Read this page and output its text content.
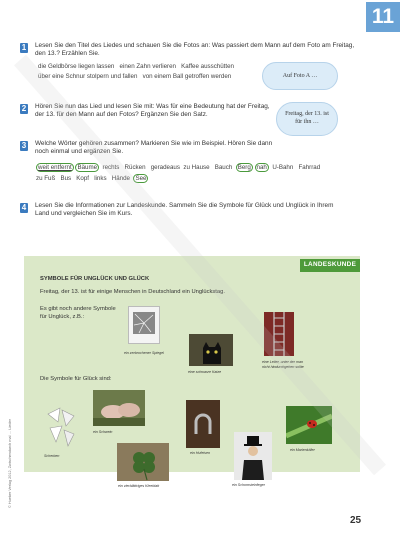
11
1 Lesen Sie den Titel des Liedes und schauen Sie die Fotos an: Was passiert dem Mann auf dem Foto am Freitag, den 13.? Erzählen Sie.
die Geldbörse liegen lassen einen Zahn verlieren Kaffee ausschütten
über eine Schnur stolpern und fallen von einem Ball getroffen werden	Auf Foto A …
2 Hören Sie nun das Lied und lesen Sie mit: Was für eine Bedeutung hat der Freitag, der 13. für den Mann auf den Fotos? Ergänzen Sie den Satz.	Freitag, der 13. ist
für ihn …
3 Welche Wörter gehören zusammen? Markieren Sie wie im Beispiel. Hören Sie dann noch einmal und ergänzen Sie.
weit entfernt Bäume rechts Rücken geradeaus zu Hause Bauch Berg nah U-Bahn Fahrrad
zu Fuß Bus Kopf links Hände See
4 Lesen Sie die Informationen zur Landeskunde. Sammeln Sie die Symbole für Glück und Unglück in Ihrem Land und vergleichen Sie im Kurs.
LANDESKUNDE
SYMBOLE FÜR UNGLÜCK UND GLÜCK
Freitag, der 13. ist für einige Menschen in Deutschland ein Unglückstag.
Es gibt noch andere Symbole
für Unglück, z.B.:
Die Symbole für Glück sind:
ein zerbrochener Spiegel
eine schwarze Katze
eine Leiter, unter der man
nicht hindurchgehen sollte
Scherben
ein Schwein
ein vierblättriges Kleeblatt
ein Hufeisen
ein Schornsteinfeger
ein Marienkäfer
25
© Hueber Verlag 2012, Zwischendurch mal … Lieder
